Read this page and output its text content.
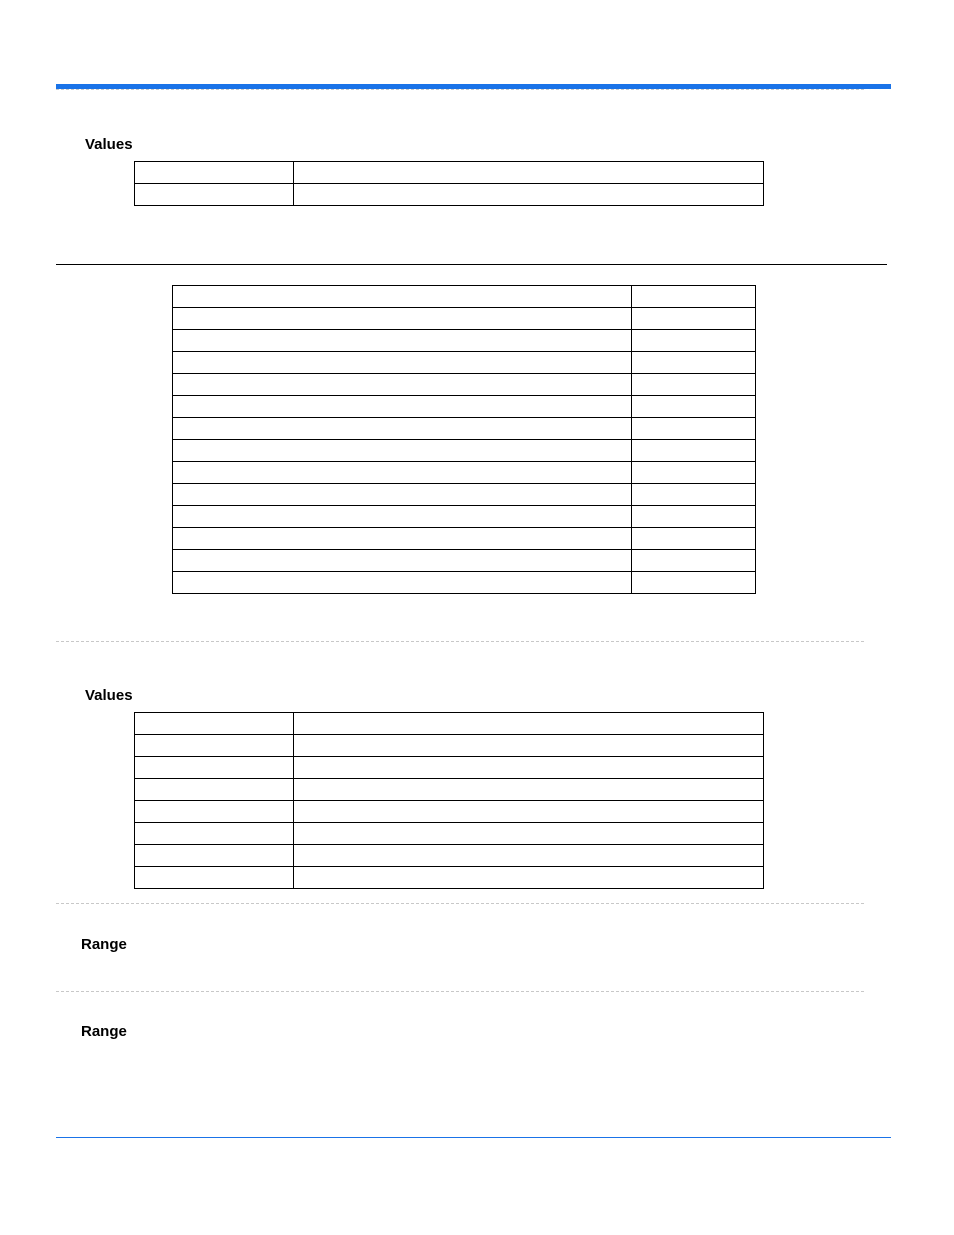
Values

Values

Range
Range
